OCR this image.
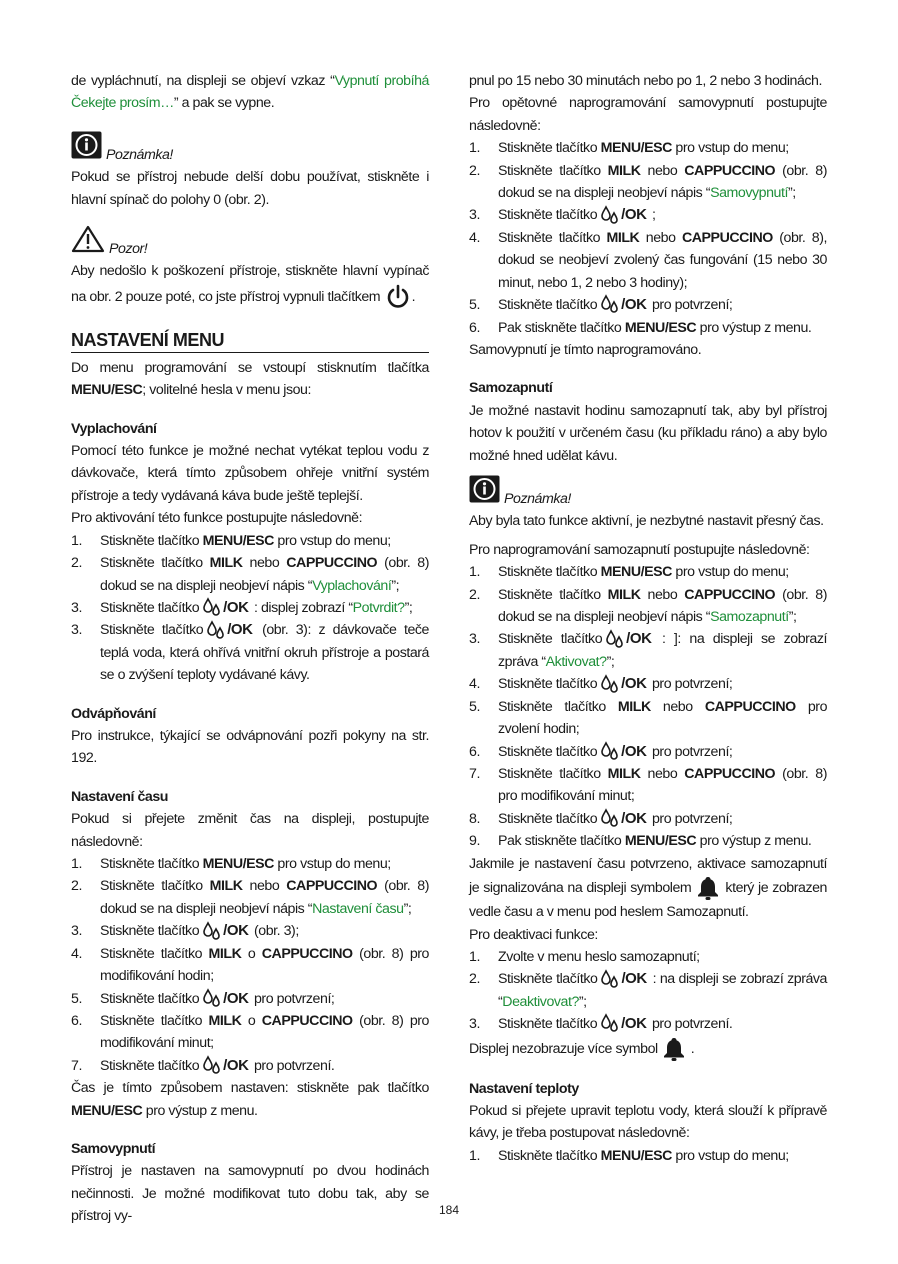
de vypláchnutí, na displeji se objeví vzkaz “Vypnutí probíhá Čekejte prosím…” a pak se vypne.

Poznámka!

Pokud se přístroj nebude delší dobu používat, stiskněte i hlavní spínač do polohy 0 (obr. 2).

Pozor!

Aby nedošlo k poškození přístroje, stiskněte hlavní vypínač na obr. 2 pouze poté, co jste přístroj vypnuli tlačítkem .

NASTAVENÍ MENU

Do menu programování se vstoupí stisknutím tlačítka MENU/ESC; volitelné hesla v menu jsou:

Vyplachování

Pomocí této funkce je možné nechat vytékat teplou vodu z dávkovače, která tímto způsobem ohřeje vnitřní systém přístroje a tedy vydávaná káva bude ještě teplejší.

Pro aktivování této funkce postupujte následovně:

1. Stiskněte tlačítko MENU/ESC pro vstup do menu;
2. Stiskněte tlačítko MILK nebo CAPPUCCINO (obr. 8) dokud se na displeji neobjeví nápis “Vyplachování”;
3. Stiskněte tlačítko /OK : displej zobrazí “Potvrdit?”;
3. Stiskněte tlačítko /OK (obr. 3): z dávkovače teče teplá voda, která ohřívá vnitřní okruh přístroje a postará se o zvýšení teploty vydávané kávy.
Odvápňování

Pro instrukce, týkající se odvápnování pozři pokyny na str. 192.

Nastavení času

Pokud si přejete změnit čas na displeji, postupujte následovně:

1. Stiskněte tlačítko MENU/ESC pro vstup do menu;
2. Stiskněte tlačítko MILK nebo CAPPUCCINO (obr. 8) dokud se na displeji neobjeví nápis “Nastavení času”;
3. Stiskněte tlačítko /OK (obr. 3);
4. Stiskněte tlačítko MILK o CAPPUCCINO (obr. 8) pro modifikování hodin;
5. Stiskněte tlačítko /OK pro potvrzení;
6. Stiskněte tlačítko MILK o CAPPUCCINO (obr. 8) pro modifikování minut;
7. Stiskněte tlačítko /OK pro potvrzení.

Čas je tímto způsobem nastaven: stiskněte pak tlačítko MENU/ESC pro výstup z menu.

Samovypnutí

Přístroj je nastaven na samovypnutí po dvou hodinách nečinnosti. Je možné modifikovat tuto dobu tak, aby se přístroj vy-

pnul po 15 nebo 30 minutách nebo po 1, 2 nebo 3 hodinách.

Pro opětovné naprogramování samovypnutí postupujte následovně:

1. Stiskněte tlačítko MENU/ESC pro vstup do menu;
2. Stiskněte tlačítko MILK nebo CAPPUCCINO (obr. 8) dokud se na displeji neobjeví nápis “Samovypnutí”;
3. Stiskněte tlačítko /OK ;
4. Stiskněte tlačítko MILK nebo CAPPUCCINO (obr. 8), dokud se neobjeví zvolený čas fungování (15 nebo 30 minut, nebo 1, 2 nebo 3 hodiny);
5. Stiskněte tlačítko /OK pro potvrzení;
6. Pak stiskněte tlačítko MENU/ESC pro výstup z menu.

Samovypnutí je tímto naprogramováno.

Samozapnutí

Je možné nastavit hodinu samozapnutí tak, aby byl přístroj hotov k použití v určeném času (ku příkladu ráno) a aby bylo možné hned udělat kávu.

Poznámka!

Aby byla tato funkce aktivní, je nezbytné nastavit přesný čas.

Pro naprogramování samozapnutí postupujte následovně:

1. Stiskněte tlačítko MENU/ESC pro vstup do menu;
2. Stiskněte tlačítko MILK nebo CAPPUCCINO (obr. 8) dokud se na displeji neobjeví nápis “Samozapnutí”;
3. Stiskněte tlačítko /OK : ]: na displeji se zobrazí zpráva “Aktivovat?”;
4. Stiskněte tlačítko /OK pro potvrzení;
5. Stiskněte tlačítko MILK nebo CAPPUCCINO pro zvolení hodin;
6. Stiskněte tlačítko /OK pro potvrzení;
7. Stiskněte tlačítko MILK nebo CAPPUCCINO (obr. 8) pro modifikování minut;
8. Stiskněte tlačítko /OK pro potvrzení;
9. Pak stiskněte tlačítko MENU/ESC pro výstup z menu.

Jakmile je nastavení času potvrzeno, aktivace samozapnutí je signalizována na displeji symbolem  který je zobrazen vedle času a v menu pod heslem Samozapnutí.

Pro deaktivaci funkce:

1. Zvolte v menu heslo samozapnutí;
2. Stiskněte tlačítko /OK : na displeji se zobrazí zpráva “Deaktivovat?”;
3. Stiskněte tlačítko /OK pro potvrzení.

Displej nezobrazuje více symbol  .

Nastavení teploty

Pokud si přejete upravit teplotu vody, která slouží k přípravě kávy, je třeba postupovat následovně:

1. Stiskněte tlačítko MENU/ESC pro vstup do menu;
184
